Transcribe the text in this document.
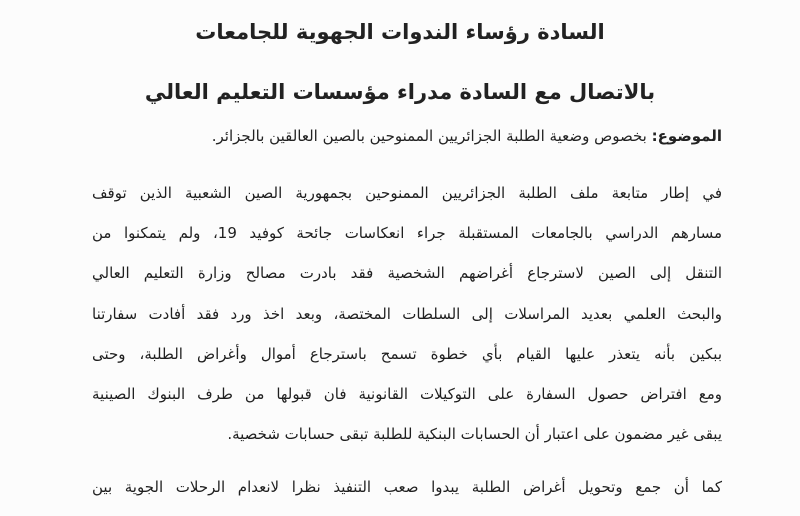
السادة رؤساء الندوات الجهوية للجامعات
بالاتصال مع السادة مدراء مؤسسات التعليم العالي
الموضوع: بخصوص وضعية الطلبة الجزائريين الممنوحين بالصين العالقين بالجزائر.
في إطار متابعة ملف الطلبة الجزائريين الممنوحين بجمهورية الصين الشعبية الذين توقف
مسارهم الدراسي بالجامعات المستقبلة جراء انعكاسات جائحة كوفيد 19، ولم يتمكنوا من
التنقل إلى الصين لاسترجاع أغراضهم الشخصية فقد بادرت مصالح وزارة التعليم العالي
والبحث العلمي بعديد المراسلات إلى السلطات المختصة، وبعد اخذ ورد فقد أفادت سفارتنا
ببكين بأنه يتعذر عليها القيام بأي خطوة تسمح باسترجاع أموال وأغراض الطلبة، وحتى
ومع افتراض حصول السفارة على التوكيلات القانونية فان قبولها من طرف البنوك الصينية
يبقى غير مضمون على اعتبار أن الحسابات البنكية للطلبة تبقى حسابات شخصية.
كما أن جمع وتحويل أغراض الطلبة يبدوا صعب التنفيذ نظرا لانعدام الرحلات الجوية بين
